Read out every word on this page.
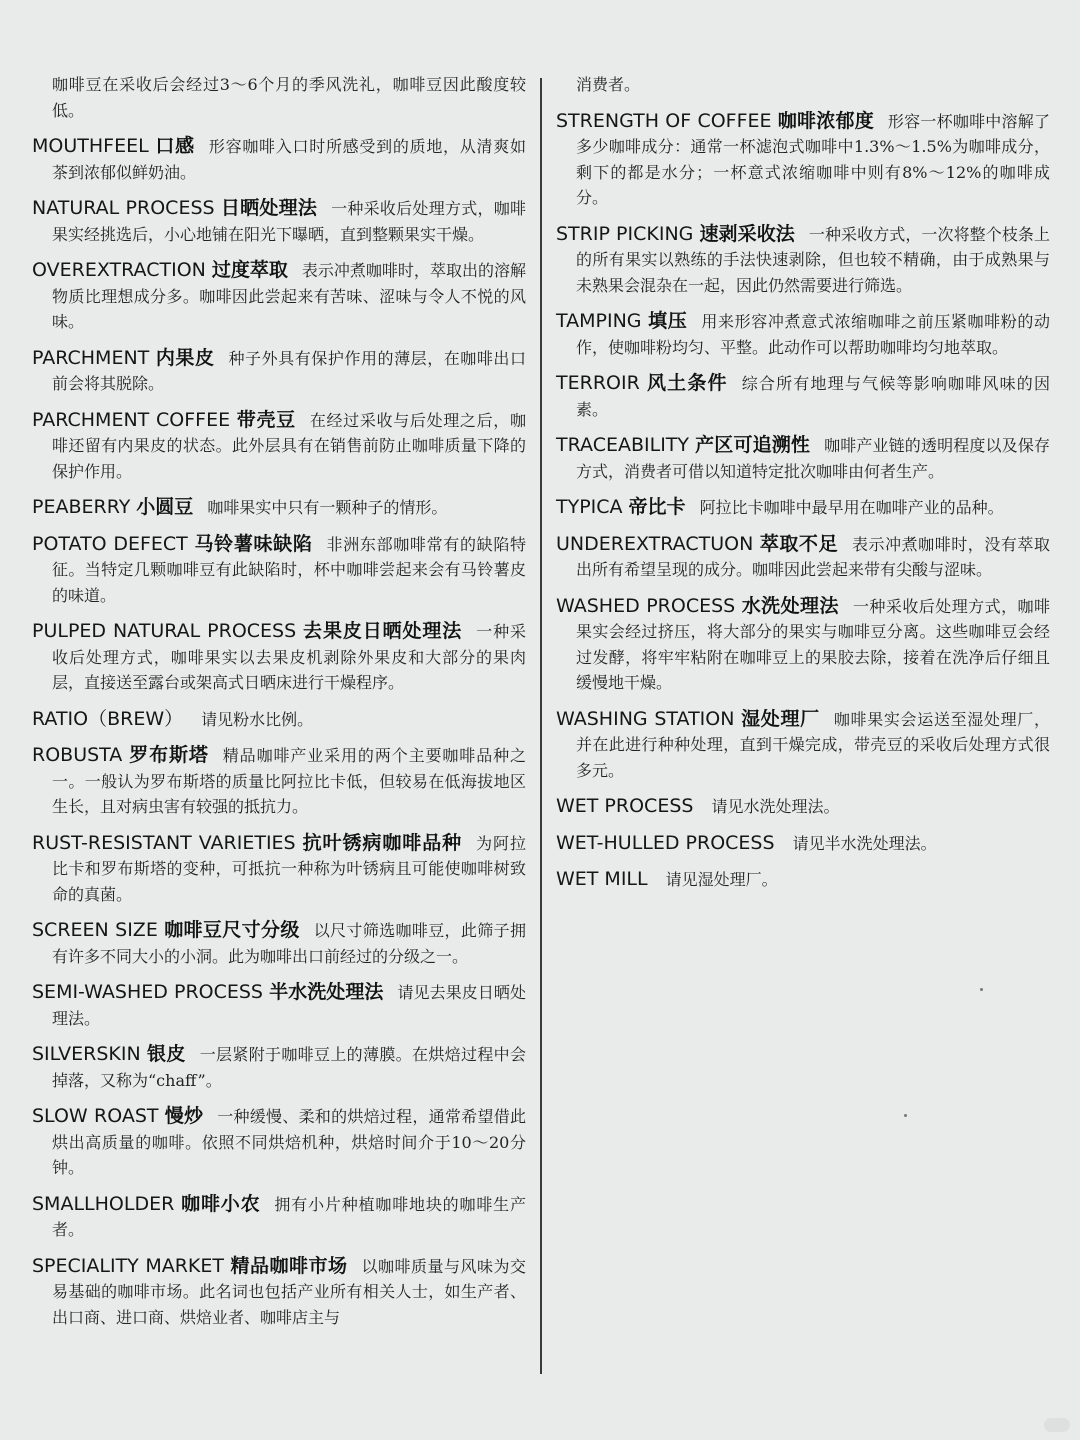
咖啡豆在采收后会经过3～6个月的季风洗礼，咖啡豆因此酸度较低。

MOUTHFEEL 口感 形容咖啡入口时所感受到的质地，从清爽如茶到浓郁似鲜奶油。

NATURAL PROCESS 日晒处理法 一种采收后处理方式，咖啡果实经挑选后，小心地铺在阳光下曝晒，直到整颗果实干燥。

OVEREXTRACTION 过度萃取 表示冲煮咖啡时，萃取出的溶解物质比理想成分多。咖啡因此尝起来有苦味、涩味与令人不悦的风味。

PARCHMENT 内果皮 种子外具有保护作用的薄层，在咖啡出口前会将其脱除。

PARCHMENT COFFEE 带壳豆 在经过采收与后处理之后，咖啡还留有内果皮的状态。此外层具有在销售前防止咖啡质量下降的保护作用。

PEABERRY 小圆豆 咖啡果实中只有一颗种子的情形。

POTATO DEFECT 马铃薯味缺陷 非洲东部咖啡常有的缺陷特征。当特定几颗咖啡豆有此缺陷时，杯中咖啡尝起来会有马铃薯皮的味道。

PULPED NATURAL PROCESS 去果皮日晒处理法 一种采收后处理方式，咖啡果实以去果皮机剥除外果皮和大部分的果肉层，直接送至露台或架高式日晒床进行干燥程序。

RATIO（BREW） 请见粉水比例。

ROBUSTA 罗布斯塔 精品咖啡产业采用的两个主要咖啡品种之一。一般认为罗布斯塔的质量比阿拉比卡低，但较易在低海拔地区生长，且对病虫害有较强的抵抗力。

RUST-RESISTANT VARIETIES 抗叶锈病咖啡品种 为阿拉比卡和罗布斯塔的变种，可抵抗一种称为叶锈病且可能使咖啡树致命的真菌。

SCREEN SIZE 咖啡豆尺寸分级 以尺寸筛选咖啡豆，此筛子拥有许多不同大小的小洞。此为咖啡出口前经过的分级之一。

SEMI-WASHED PROCESS 半水洗处理法 请见去果皮日晒处理法。

SILVERSKIN 银皮 一层紧附于咖啡豆上的薄膜。在烘焙过程中会掉落，又称为“chaff”。

SLOW ROAST 慢炒 一种缓慢、柔和的烘焙过程，通常希望借此烘出高质量的咖啡。依照不同烘焙机种，烘焙时间介于10～20分钟。

SMALLHOLDER 咖啡小农 拥有小片种植咖啡地块的咖啡生产者。

SPECIALITY MARKET 精品咖啡市场 以咖啡质量与风味为交易基础的咖啡市场。此名词也包括产业所有相关人士，如生产者、出口商、进口商、烘焙业者、咖啡店主与

消费者。

STRENGTH OF COFFEE 咖啡浓郁度 形容一杯咖啡中溶解了多少咖啡成分：通常一杯滤泡式咖啡中1.3%～1.5%为咖啡成分，剩下的都是水分；一杯意式浓缩咖啡中则有8%～12%的咖啡成分。

STRIP PICKING 速剥采收法 一种采收方式，一次将整个枝条上的所有果实以熟练的手法快速剥除，但也较不精确，由于成熟果与未熟果会混杂在一起，因此仍然需要进行筛选。

TAMPING 填压 用来形容冲煮意式浓缩咖啡之前压紧咖啡粉的动作，使咖啡粉均匀、平整。此动作可以帮助咖啡均匀地萃取。

TERROIR 风土条件 综合所有地理与气候等影响咖啡风味的因素。

TRACEABILITY 产区可追溯性 咖啡产业链的透明程度以及保存方式，消费者可借以知道特定批次咖啡由何者生产。

TYPICA 帝比卡 阿拉比卡咖啡中最早用在咖啡产业的品种。

UNDEREXTRACTUON 萃取不足 表示冲煮咖啡时，没有萃取出所有希望呈现的成分。咖啡因此尝起来带有尖酸与涩味。

WASHED PROCESS 水洗处理法 一种采收后处理方式，咖啡果实会经过挤压，将大部分的果实与咖啡豆分离。这些咖啡豆会经过发酵，将牢牢粘附在咖啡豆上的果胶去除，接着在洗净后仔细且缓慢地干燥。

WASHING STATION 湿处理厂 咖啡果实会运送至湿处理厂，并在此进行种种处理，直到干燥完成，带壳豆的采收后处理方式很多元。

WET PROCESS 请见水洗处理法。

WET-HULLED PROCESS 请见半水洗处理法。

WET MILL 请见湿处理厂。
